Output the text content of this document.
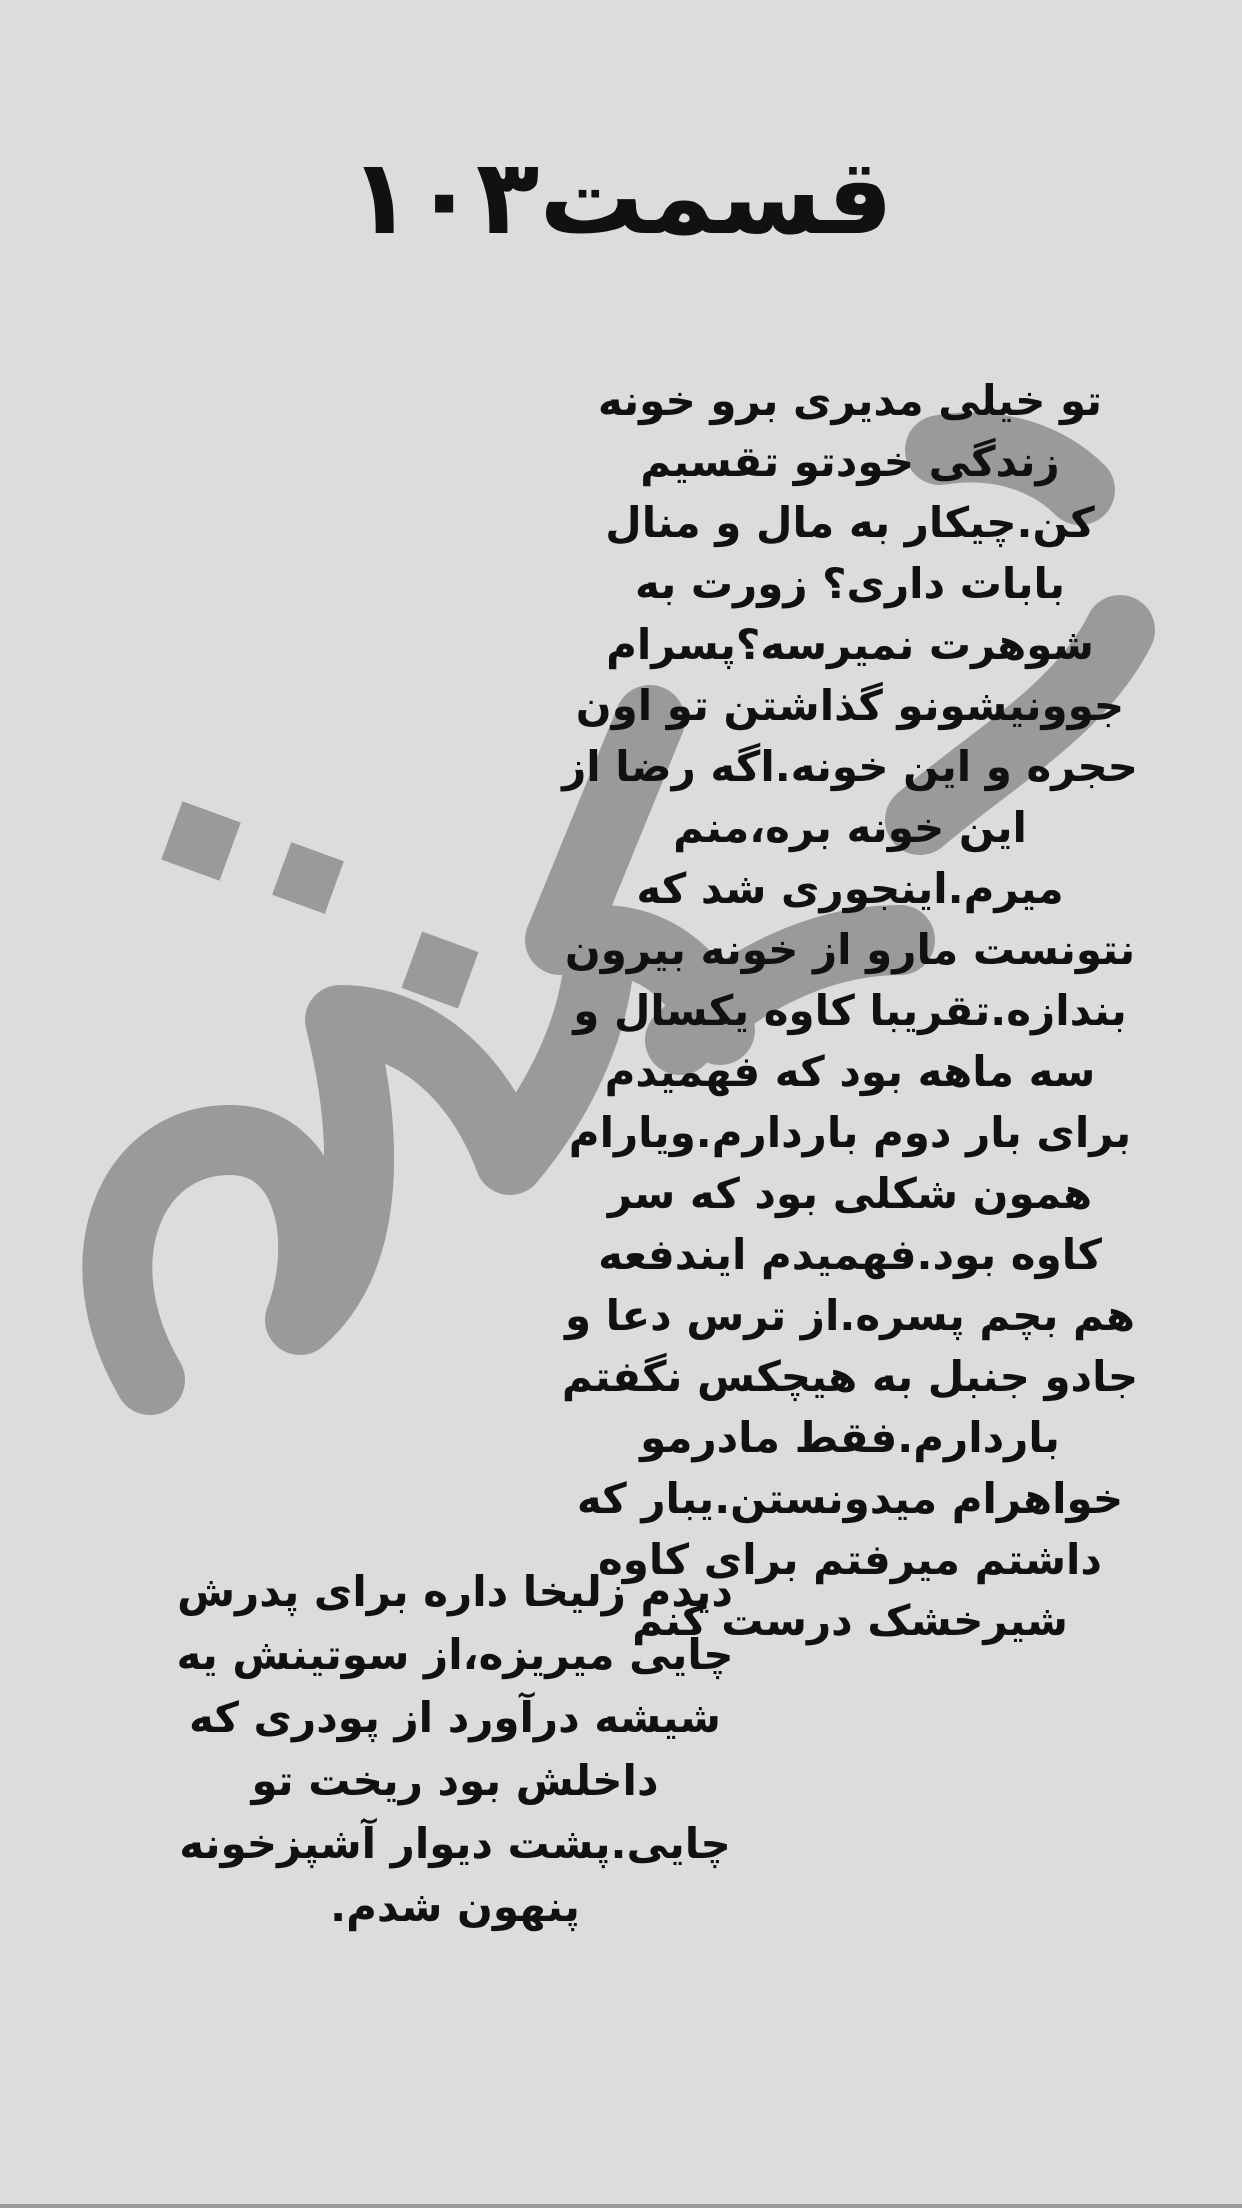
قسمت۱۰۳

تو خیلی مدیری برو خونه زندگی خودتو تقسیم کن.چیکار به مال و منال بابات داری؟ زورت به شوهرت نمیرسه؟پسرام جوونیشونو گذاشتن تو اون حجره و این خونه.اگه رضا از این خونه بره،منم میرم.اینجوری شد که نتونست مارو از خونه بیرون بندازه.تقریبا کاوه یکسال و سه ماهه بود که فهمیدم برای بار دوم باردارم.ویارام همون شکلی بود که سر کاوه بود.فهمیدم ایندفعه هم بچم پسره.از ترس دعا و جادو جنبل به هیچکس نگفتم باردارم.فقط مادرمو خواهرام میدونستن.یبار که داشتم میرفتم برای کاوه شیرخشک درست کنم

دیدم زلیخا داره برای پدرش چایی میریزه،از سوتینش یه شیشه درآورد از پودری که داخلش بود ریخت تو چایی.پشت دیوار آشپزخونه پنهون شدم.
